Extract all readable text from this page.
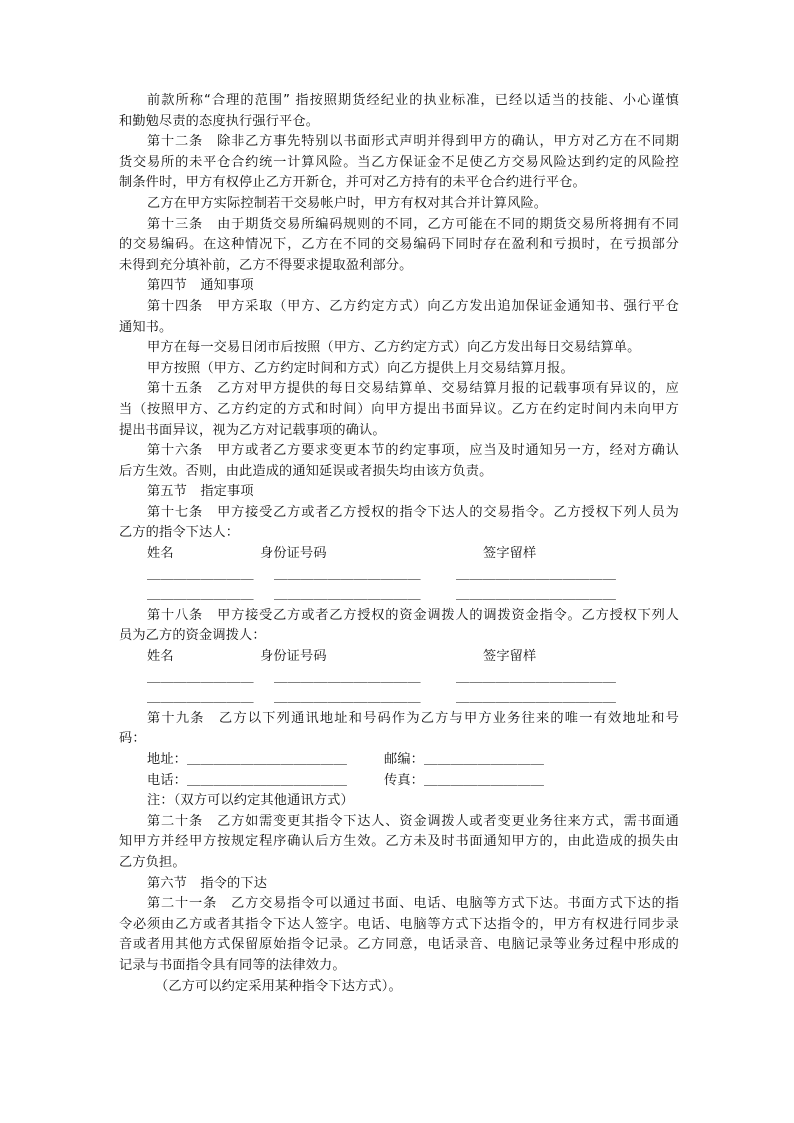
前款所称“合理的范围” 指按照期货经纪业的执业标准，已经以适当的技能、小心谨慎
和勤勉尽责的态度执行强行平仓。
第十二条　除非乙方事先特别以书面形式声明并得到甲方的确认，甲方对乙方在不同期
货交易所的未平仓合约统一计算风险。当乙方保证金不足使乙方交易风险达到约定的风险控
制条件时，甲方有权停止乙方开新仓，并可对乙方持有的未平仓合约进行平仓。
乙方在甲方实际控制若干交易帐户时，甲方有权对其合并计算风险。
第十三条　由于期货交易所编码规则的不同，乙方可能在不同的期货交易所将拥有不同
的交易编码。在这种情况下，乙方在不同的交易编码下同时存在盈利和亏损时，在亏损部分
未得到充分填补前，乙方不得要求提取盈利部分。
第四节　通知事项
第十四条　甲方采取（甲方、乙方约定方式）向乙方发出追加保证金通知书、强行平仓
通知书。
甲方在每一交易日闭市后按照（甲方、乙方约定方式）向乙方发出每日交易结算单。
甲方按照（甲方、乙方约定时间和方式）向乙方提供上月交易结算月报。
第十五条　乙方对甲方提供的每日交易结算单、交易结算月报的记载事项有异议的，应
当（按照甲方、乙方约定的方式和时间）向甲方提出书面异议。乙方在约定时间内未向甲方
提出书面异议，视为乙方对记载事项的确认。
第十六条　甲方或者乙方要求变更本节的约定事项，应当及时通知另一方，经对方确认
后方生效。否则，由此造成的通知延误或者损失均由该方负责。
第五节　指定事项
第十七条　甲方接受乙方或者乙方授权的指令下达人的交易指令。乙方授权下列人员为
乙方的指令下达人：
姓名	身份证号码	签字留样
＿＿＿＿＿＿＿＿ ＿＿＿＿＿＿＿＿＿＿＿	＿＿＿＿＿＿＿＿＿＿＿＿
＿＿＿＿＿＿＿＿ ＿＿＿＿＿＿＿＿＿＿＿	＿＿＿＿＿＿＿＿＿＿＿＿
第十八条　甲方接受乙方或者乙方授权的资金调拨人的调拨资金指令。乙方授权下列人
员为乙方的资金调拨人：
姓名	身份证号码	签字留样
＿＿＿＿＿＿＿＿ ＿＿＿＿＿＿＿＿＿＿＿	＿＿＿＿＿＿＿＿＿＿＿＿
＿＿＿＿＿＿＿＿ ＿＿＿＿＿＿＿＿＿＿＿	＿＿＿＿＿＿＿＿＿＿＿＿
第十九条　乙方以下列通讯地址和号码作为乙方与甲方业务往来的唯一有效地址和号
码：
地址：＿＿＿＿＿＿＿＿＿＿＿＿	邮编：＿＿＿＿＿＿＿＿＿
电话：＿＿＿＿＿＿＿＿＿＿＿＿	传真：＿＿＿＿＿＿＿＿＿
注：（双方可以约定其他通讯方式）
第二十条　乙方如需变更其指令下达人、资金调拨人或者变更业务往来方式，需书面通
知甲方并经甲方按规定程序确认后方生效。乙方未及时书面通知甲方的，由此造成的损失由
乙方负担。
第六节　指令的下达
第二十一条　乙方交易指令可以通过书面、电话、电脑等方式下达。书面方式下达的指
令必须由乙方或者其指令下达人签字。电话、电脑等方式下达指令的，甲方有权进行同步录
音或者用其他方式保留原始指令记录。乙方同意，电话录音、电脑记录等业务过程中形成的
记录与书面指令具有同等的法律效力。
（乙方可以约定采用某种指令下达方式）。
